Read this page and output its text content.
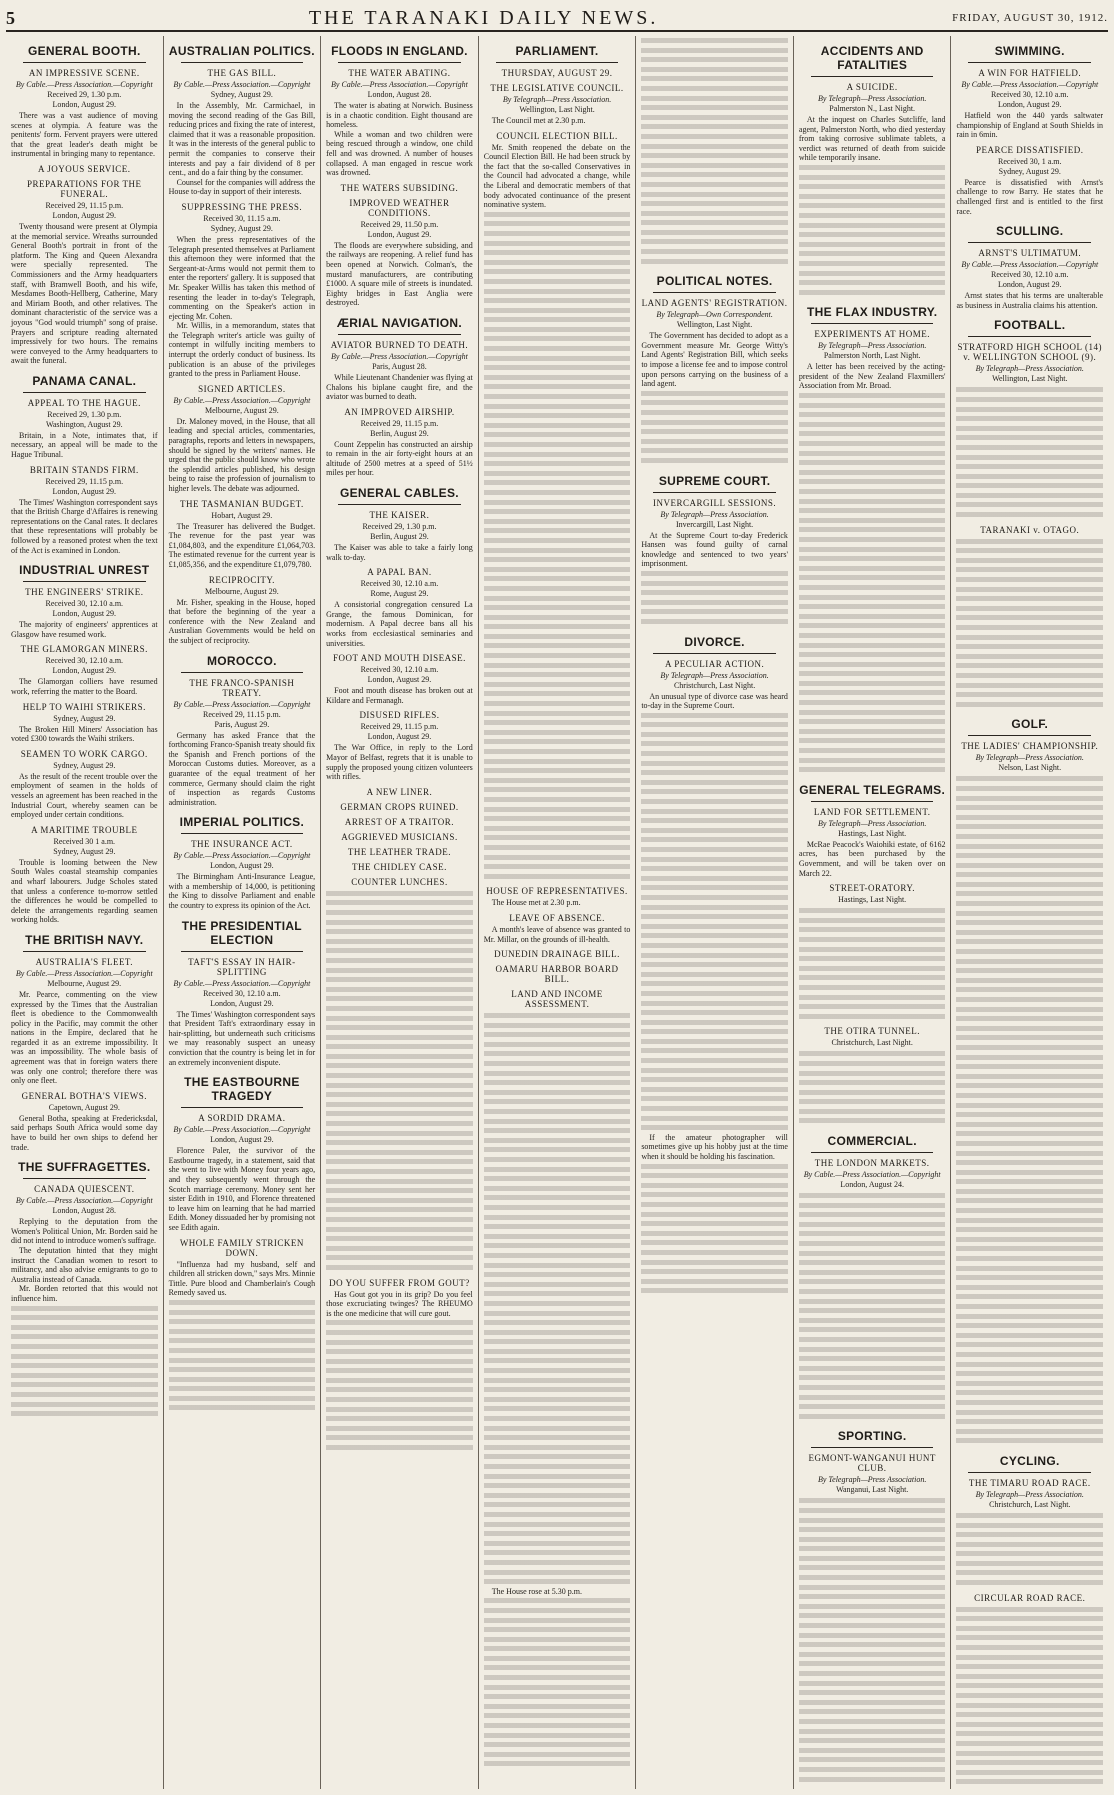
5	THE TARANAKI DAILY NEWS.	FRIDAY, AUGUST 30, 1912.
GENERAL BOOTH.
AN IMPRESSIVE SCENE.
By Cable.—Press Association.—Copyright
Received 29, 1.30 p.m.
London, August 29.
There was a vast audience of moving scenes at olympia. A feature was the penitents' form. Fervent prayers were uttered that the great leader's death might be instrumental in bringing many to repentance.
A JOYOUS SERVICE.
PREPARATIONS FOR THE FUNERAL.
Received 29, 11.15 p.m.
London, August 29.
Twenty thousand were present at Olympia at the memorial service. Wreaths surrounded General Booth's portrait in front of the platform. The King and Queen Alexandra were specially represented. The Commissioners and the Army headquarters staff, with Bramwell Booth, and his wife, Mesdames Booth-Hellberg, Catherine, Mary and Miriam Booth, and other relatives. The dominant characteristic of the service was a joyous "God would triumph" song of praise. Prayers and scripture reading alternated impressively for two hours. The remains were conveyed to the Army headquarters to await the funeral.
PANAMA CANAL.
APPEAL TO THE HAGUE.
Received 29, 1.30 p.m.
Washington, August 29.
Britain, in a Note, intimates that, if necessary, an appeal will be made to the Hague Tribunal.
BRITAIN STANDS FIRM.
Received 29, 11.15 p.m.
London, August 29.
The Times' Washington correspondent says that the British Charge d'Affaires is renewing representations on the Canal rates. It declares that these representations will probably be followed by a reasoned protest when the text of the Act is examined in London.
INDUSTRIAL UNREST
THE ENGINEERS' STRIKE.
Received 30, 12.10 a.m.
London, August 29.
The majority of engineers' apprentices at Glasgow have resumed work.
THE GLAMORGAN MINERS.
Received 30, 12.10 a.m.
London, August 29.
The Glamorgan colliers have resumed work, referring the matter to the Board.
HELP TO WAIHI STRIKERS.
Sydney, August 29.
The Broken Hill Miners' Association has voted £300 towards the Waihi strikers.
SEAMEN TO WORK CARGO.
Sydney, August 29.
As the result of the recent trouble over the employment of seamen in the holds of vessels an agreement has been reached in the Industrial Court, whereby seamen can be employed under certain conditions.
A MARITIME TROUBLE
Received 30 1 a.m.
Sydney, August 29.
Trouble is looming between the New South Wales coastal steamship companies and wharf labourers. Judge Scholes stated that unless a conference to-morrow settled the differences he would be compelled to delete the arrangements regarding seamen working holds.
THE BRITISH NAVY.
AUSTRALIA'S FLEET.
By Cable.—Press Association.—Copyright
Melbourne, August 29.
Mr. Pearce, commenting on the view expressed by the Times that the Australian fleet is obedience to the Commonwealth policy in the Pacific, may commit the other nations in the Empire, declared that he regarded it as an extreme impossibility. It was an impossibility. The whole basis of agreement was that in foreign waters there was only one control; therefore there was only one fleet.
GENERAL BOTHA'S VIEWS.
Capetown, August 29.
General Botha, speaking at Fredericksdal, said perhaps South Africa would some day have to build her own ships to defend her trade.
THE SUFFRAGETTES.
CANADA QUIESCENT.
By Cable.—Press Association.—Copyright
London, August 28.
Replying to the deputation from the Women's Political Union, Mr. Borden said he did not intend to introduce women's suffrage.
The deputation hinted that they might instruct the Canadian women to resort to militancy, and also advise emigrants to go to Australia instead of Canada.
Mr. Borden retorted that this would not influence him.
AUSTRALIAN POLITICS.
THE GAS BILL.
By Cable.—Press Association.—Copyright
Sydney, August 29.
In the Assembly, Mr. Carmichael, in moving the second reading of the Gas Bill, reducing prices and fixing the rate of interest, claimed that it was a reasonable proposition. It was in the interests of the general public to permit the companies to conserve their interests and pay a fair dividend of 8 per cent., and do a fair thing by the consumer.
Counsel for the companies will address the House to-day in support of their interests.
SUPPRESSING THE PRESS.
Received 30, 11.15 a.m.
Sydney, August 29.
When the press representatives of the Telegraph presented themselves at Parliament this afternoon they were informed that the Sergeant-at-Arms would not permit them to enter the reporters' gallery. It is supposed that Mr. Speaker Willis has taken this method of resenting the leader in to-day's Telegraph, commenting on the Speaker's action in ejecting Mr. Cohen.
Mr. Willis, in a memorandum, states that the Telegraph writer's article was guilty of contempt in wilfully inciting members to interrupt the orderly conduct of business. Its publication is an abuse of the privileges granted to the press in Parliament House.
SIGNED ARTICLES.
By Cable.—Press Association.—Copyright
Melbourne, August 29.
Dr. Maloney moved, in the House, that all leading and special articles, commentaries, paragraphs, reports and letters in newspapers, should be signed by the writers' names. He urged that the public should know who wrote the splendid articles published, his design being to raise the profession of journalism to higher levels. The debate was adjourned.
THE TASMANIAN BUDGET.
Hobart, August 29.
The Treasurer has delivered the Budget. The revenue for the past year was £1,084,803, and the expenditure £1,064,703. The estimated revenue for the current year is £1,085,356, and the expenditure £1,079,780.
RECIPROCITY.
Melbourne, August 29.
Mr. Fisher, speaking in the House, hoped that before the beginning of the year a conference with the New Zealand and Australian Governments would be held on the subject of reciprocity.
MOROCCO.
THE FRANCO-SPANISH TREATY.
By Cable.—Press Association.—Copyright
Received 29, 11.15 p.m.
Paris, August 29.
Germany has asked France that the forthcoming Franco-Spanish treaty should fix the Spanish and French portions of the Moroccan Customs duties. Moreover, as a guarantee of the equal treatment of her commerce, Germany should claim the right of inspection as regards Customs administration.
IMPERIAL POLITICS.
THE INSURANCE ACT.
By Cable.—Press Association.—Copyright
London, August 29.
The Birmingham Anti-Insurance League, with a membership of 14,000, is petitioning the King to dissolve Parliament and enable the country to express its opinion of the Act.
THE PRESIDENTIAL ELECTION
TAFT'S ESSAY IN HAIR-SPLITTING
By Cable.—Press Association.—Copyright
Received 30, 12.10 a.m.
London, August 29.
The Times' Washington correspondent says that President Taft's extraordinary essay in hair-splitting, but underneath such criticisms we may reasonably suspect an uneasy conviction that the country is being let in for an extremely inconvenient dispute.
THE EASTBOURNE TRAGEDY
A SORDID DRAMA.
By Cable.—Press Association.—Copyright
London, August 29.
Florence Paler, the survivor of the Eastbourne tragedy, in a statement, said that she went to live with Money four years ago, and they subsequently went through the Scotch marriage ceremony. Money sent her sister Edith in 1910, and Florence threatened to leave him on learning that he had married Edith. Money dissuaded her by promising not see Edith again.
WHOLE FAMILY STRICKEN DOWN.
"Influenza had my husband, self and children all stricken down," says Mrs. Minnie Tittle. Pure blood and Chamberlain's Cough Remedy saved us.
FLOODS IN ENGLAND.
THE WATER ABATING.
By Cable.—Press Association.—Copyright
London, August 28.
The water is abating at Norwich. Business is in a chaotic condition. Eight thousand are homeless.
While a woman and two children were being rescued through a window, one child fell and was drowned. A number of houses collapsed. A man engaged in rescue work was drowned.
THE WATERS SUBSIDING.
IMPROVED WEATHER CONDITIONS.
Received 29, 11.50 p.m.
London, August 29.
The floods are everywhere subsiding, and the railways are reopening. A relief fund has been opened at Norwich. Colman's, the mustard manufacturers, are contributing £1000. A square mile of streets is inundated. Eighty bridges in East Anglia were destroyed.
ÆRIAL NAVIGATION.
AVIATOR BURNED TO DEATH.
By Cable.—Press Association.—Copyright
Paris, August 28.
While Lieutenant Chandenier was flying at Chalons his biplane caught fire, and the aviator was burned to death.
AN IMPROVED AIRSHIP.
Received 29, 11.15 p.m.
Berlin, August 29.
Count Zeppelin has constructed an airship to remain in the air forty-eight hours at an altitude of 2500 metres at a speed of 51½ miles per hour.
GENERAL CABLES.
THE KAISER.
Received 29, 1.30 p.m.
Berlin, August 29.
The Kaiser was able to take a fairly long walk to-day.
A PAPAL BAN.
Received 30, 12.10 a.m.
Rome, August 29.
A consistorial congregation censured La Grange, the famous Dominican, for modernism. A Papal decree bans all his works from ecclesiastical seminaries and universities.
FOOT AND MOUTH DISEASE.
Received 30, 12.10 a.m.
London, August 29.
Foot and mouth disease has broken out at Kildare and Fermanagh.
DISUSED RIFLES.
Received 29, 11.15 p.m.
London, August 29.
The War Office, in reply to the Lord Mayor of Belfast, regrets that it is unable to supply the proposed young citizen volunteers with rifles.
A NEW LINER.
GERMAN CROPS RUINED.
ARREST OF A TRAITOR.
AGGRIEVED MUSICIANS.
THE LEATHER TRADE.
THE CHIDLEY CASE.
COUNTER LUNCHES.
DO YOU SUFFER FROM GOUT?
Has Gout got you in its grip? Do you feel those excruciating twinges? The RHEUMO is the one medicine that will cure gout.
PARLIAMENT.
THURSDAY, AUGUST 29.
THE LEGISLATIVE COUNCIL.
By Telegraph—Press Association.
Wellington, Last Night.
The Council met at 2.30 p.m.
COUNCIL ELECTION BILL.
Mr. Smith reopened the debate on the Council Election Bill. He had been struck by the fact that the so-called Conservatives in the Council had advocated a change, while the Liberal and democratic members of that body advocated continuance of the present nominative system.
HOUSE OF REPRESENTATIVES.
The House met at 2.30 p.m.
LEAVE OF ABSENCE.
A month's leave of absence was granted to Mr. Millar, on the grounds of ill-health.
DUNEDIN DRAINAGE BILL.
OAMARU HARBOR BOARD BILL.
LAND AND INCOME ASSESSMENT.
The House rose at 5.30 p.m.
POLITICAL NOTES.
LAND AGENTS' REGISTRATION.
By Telegraph—Own Correspondent.
Wellington, Last Night.
The Government has decided to adopt as a Government measure Mr. George Witty's Land Agents' Registration Bill, which seeks to impose a license fee and to impose control upon persons carrying on the business of a land agent.
SUPREME COURT.
INVERCARGILL SESSIONS.
By Telegraph—Press Association.
Invercargill, Last Night.
At the Supreme Court to-day Frederick Hansen was found guilty of carnal knowledge and sentenced to two years' imprisonment.
DIVORCE.
A PECULIAR ACTION.
By Telegraph—Press Association.
Christchurch, Last Night.
An unusual type of divorce case was heard to-day in the Supreme Court.
If the amateur photographer will sometimes give up his hobby just at the time when it should be holding his fascination.
ACCIDENTS AND FATALITIES
A SUICIDE.
By Telegraph—Press Association.
Palmerston N., Last Night.
At the inquest on Charles Sutcliffe, land agent, Palmerston North, who died yesterday from taking corrosive sublimate tablets, a verdict was returned of death from suicide while temporarily insane.
THE FLAX INDUSTRY.
EXPERIMENTS AT HOME.
By Telegraph—Press Association.
Palmerston North, Last Night.
A letter has been received by the acting-president of the New Zealand Flaxmillers' Association from Mr. Broad.
GENERAL TELEGRAMS.
LAND FOR SETTLEMENT.
By Telegraph—Press Association.
Hastings, Last Night.
McRae Peacock's Waiohiki estate, of 6162 acres, has been purchased by the Government, and will be taken over on March 22.
STREET-ORATORY.
Hastings, Last Night.
THE OTIRA TUNNEL.
Christchurch, Last Night.
COMMERCIAL.
THE LONDON MARKETS.
By Cable.—Press Association.—Copyright
London, August 24.
SPORTING.
EGMONT-WANGANUI HUNT CLUB.
By Telegraph—Press Association.
Wanganui, Last Night.
SWIMMING.
A WIN FOR HATFIELD.
By Cable.—Press Association.—Copyright
Received 30, 12.10 a.m.
London, August 29.
Hatfield won the 440 yards saltwater championship of England at South Shields in rain in 6min.
PEARCE DISSATISFIED.
Received 30, 1 a.m.
Sydney, August 29.
Pearce is dissatisfied with Arnst's challenge to row Barry. He states that he challenged first and is entitled to the first race.
SCULLING.
ARNST'S ULTIMATUM.
By Cable.—Press Association.—Copyright
Received 30, 12.10 a.m.
London, August 29.
Arnst states that his terms are unalterable as business in Australia claims his attention.
FOOTBALL.
STRATFORD HIGH SCHOOL (14) v. WELLINGTON SCHOOL (9).
By Telegraph—Press Association.
Wellington, Last Night.
TARANAKI v. OTAGO.
GOLF.
THE LADIES' CHAMPIONSHIP.
By Telegraph—Press Association.
Nelson, Last Night.
CYCLING.
THE TIMARU ROAD RACE.
By Telegraph—Press Association.
Christchurch, Last Night.
CIRCULAR ROAD RACE.
